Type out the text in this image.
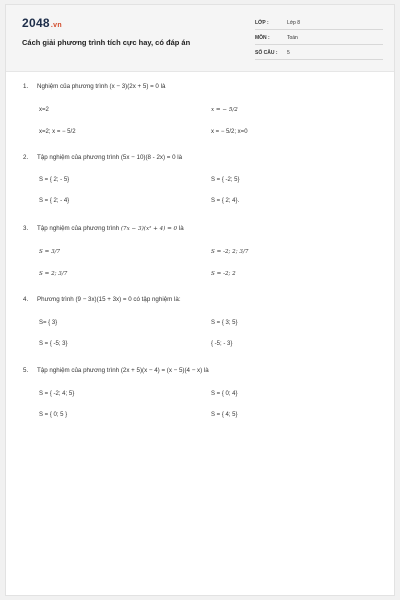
2048.vn
Cách giải phương trình tích cực hay, có đáp án
LỚP :	Lớp 8
MÔN :	Toán
SỐ CÂU : 5
1. Nghiệm của phương trình (x − 3)(2x + 5) = 0 là
x=2	x = − 5/2
x=2; x = − 5/2	x = − 5/2; x=0
2. Tập nghiệm của phương trình (5x − 10)(8 - 2x) = 0 là
S = { 2; - 5}	S = { -2; 5}
S = { 2; - 4}	S = { 2; 4}.
3. Tập nghiệm của phương trình (7x − 3)(x² + 4) = 0 là
S = 3/7	S = -2; 2; 3/7
S = 2; 3/7	S = -2; 2
4. Phương trình (9 − 3x)(15 + 3x) = 0 có tập nghiệm là:
S= { 3}	S = { 3; 5}
S = { -5; 3}	{ -5; - 3}
5. Tập nghiệm của phương trình (2x + 5)(x − 4) = (x − 5)(4 − x) là
S = { -2; 4; 5}	S = { 0; 4}
S = { 0; 5 }	S = { 4; 5}
